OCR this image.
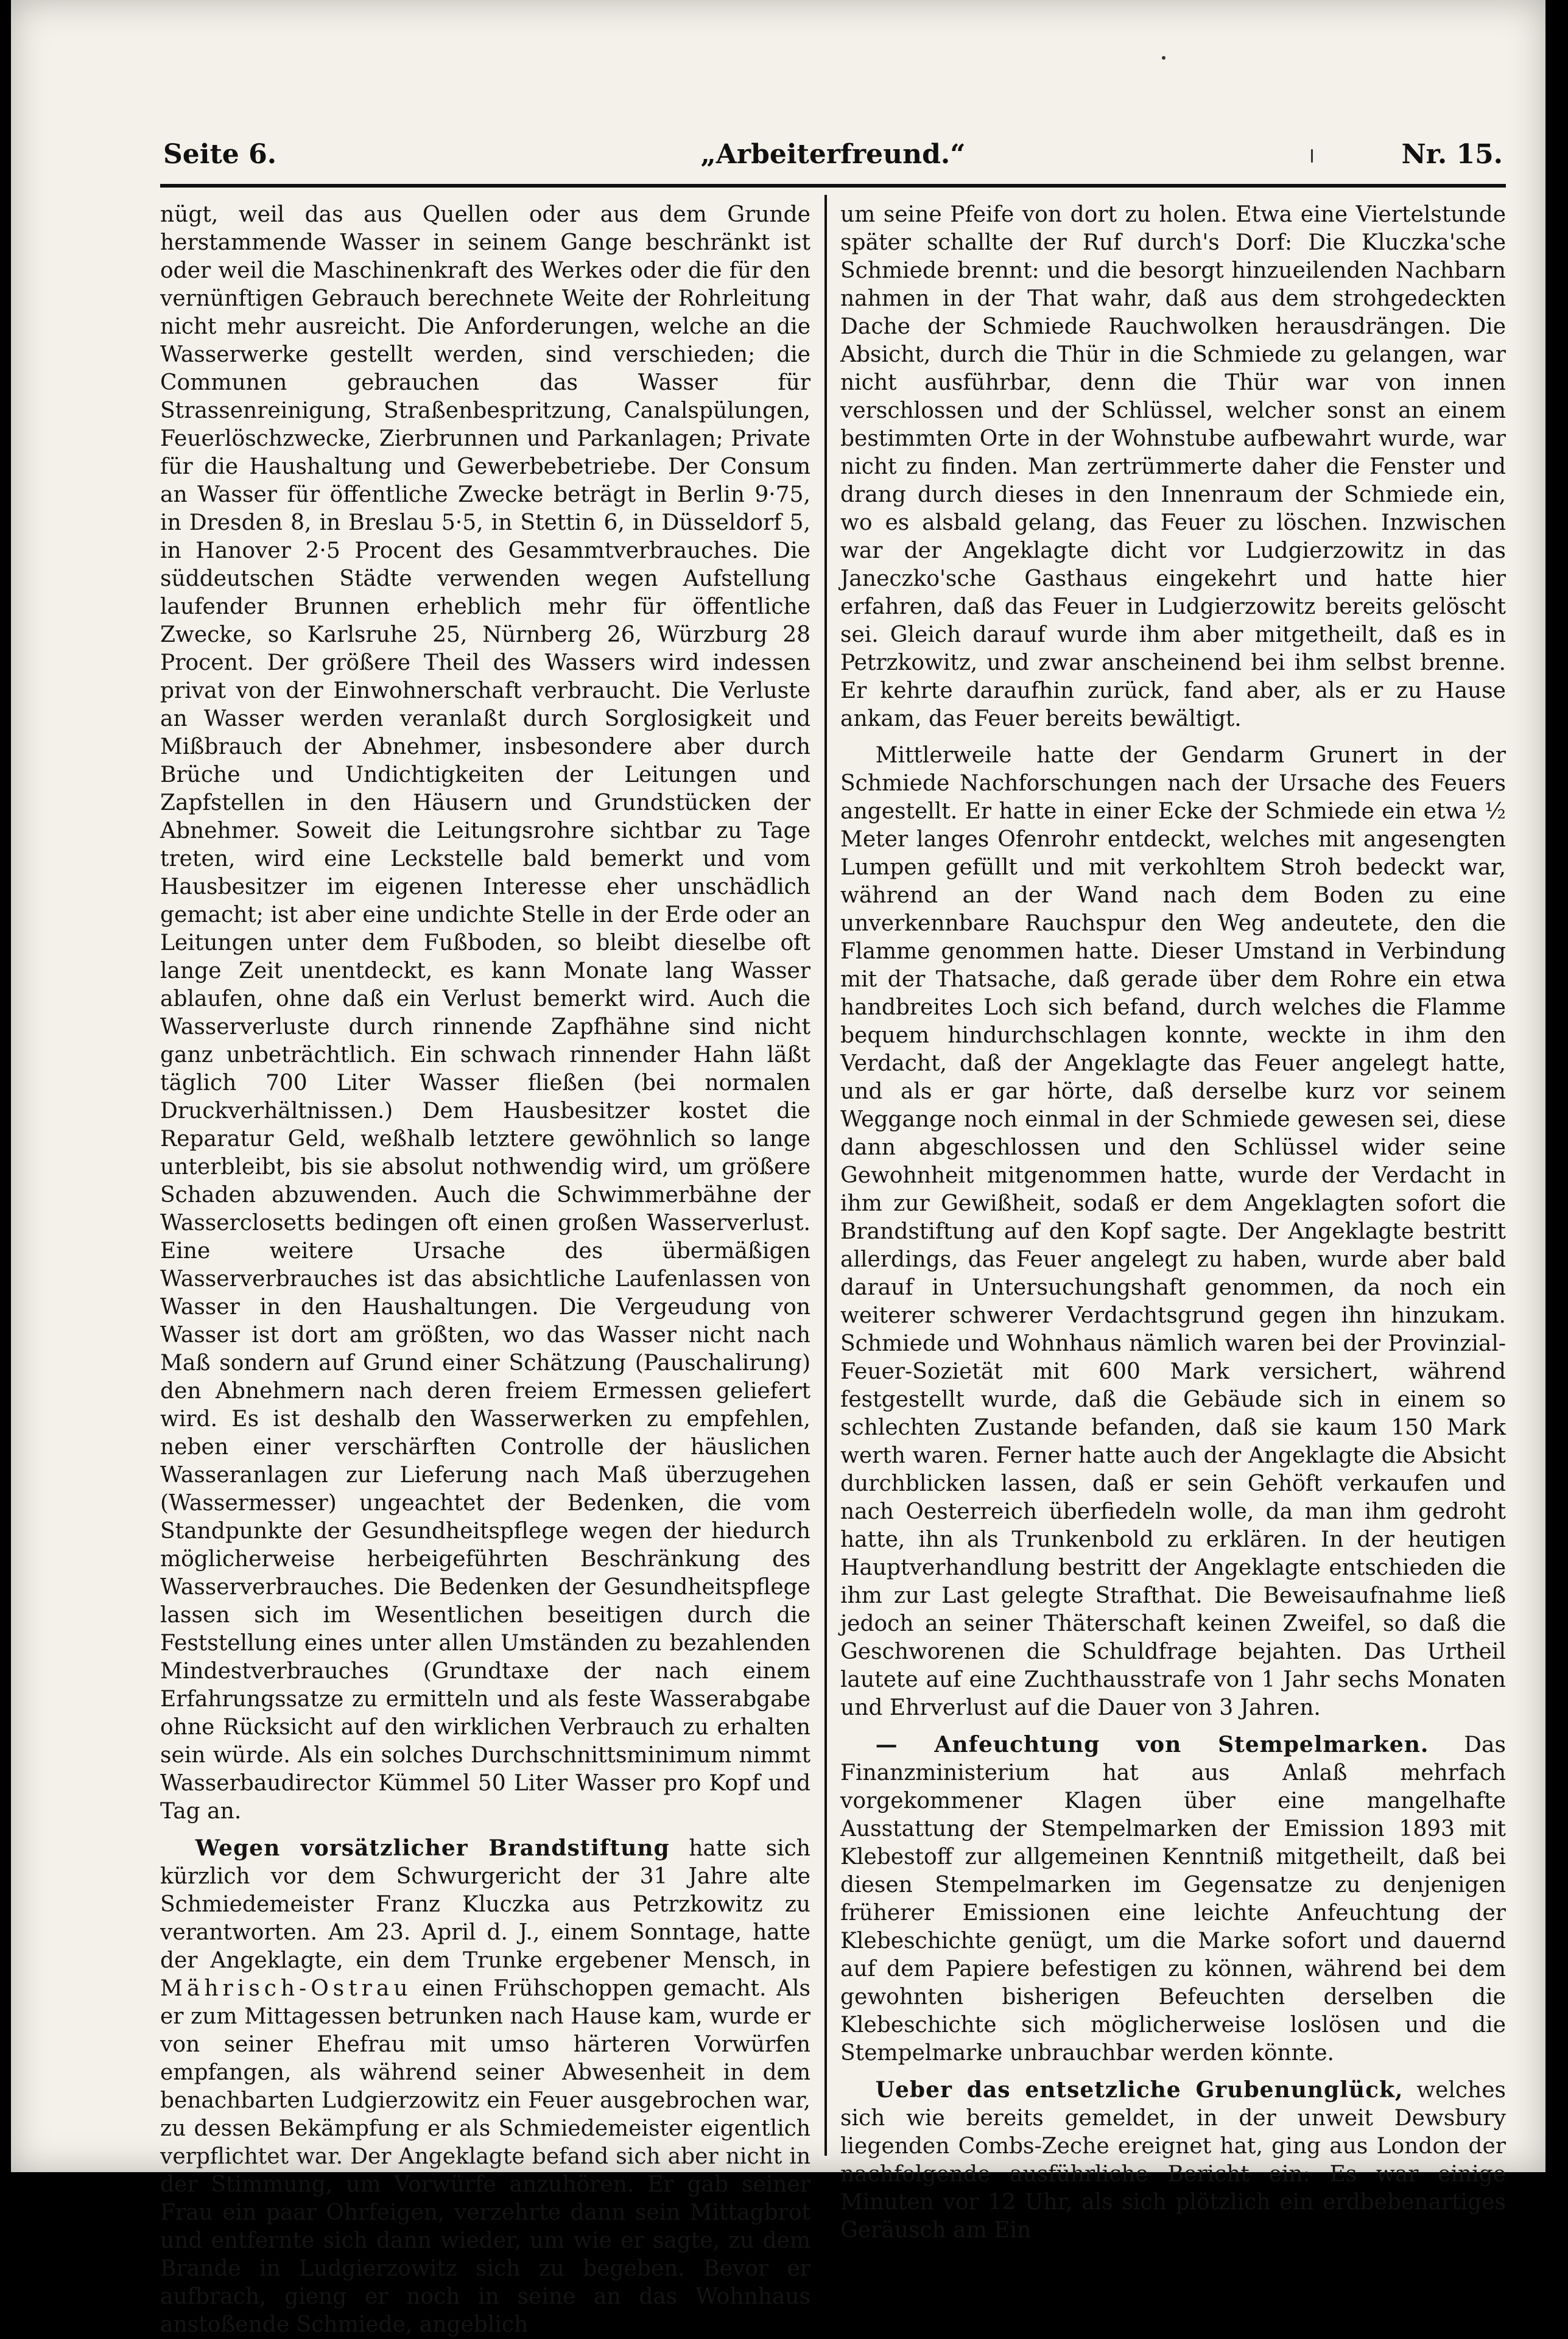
Seite 6.	„Arbeiterfreund.“	Nr. 15.

nügt, weil das aus Quellen oder aus dem Grunde herstammende Wasser in seinem Gange beschränkt ist oder weil die Maschinenkraft des Werkes oder die für den vernünftigen Gebrauch berechnete Weite der Rohrleitung nicht mehr ausreicht. Die Anforderungen, welche an die Wasserwerke gestellt werden, sind verschieden; die Communen gebrauchen das Wasser für Strassenreinigung, Straßenbespritzung, Canalspülungen, Feuerlöschzwecke, Zierbrunnen und Parkanlagen; Private für die Haushaltung und Gewerbebetriebe. Der Consum an Wasser für öffentliche Zwecke beträgt in Berlin 9·75, in Dresden 8, in Breslau 5·5, in Stettin 6, in Düsseldorf 5, in Hanover 2·5 Procent des Gesammtverbrauches. Die süddeutschen Städte verwenden wegen Aufstellung laufender Brunnen erheblich mehr für öffentliche Zwecke, so Karlsruhe 25, Nürnberg 26, Würzburg 28 Procent. Der größere Theil des Wassers wird indessen privat von der Einwohnerschaft verbraucht. Die Verluste an Wasser werden veranlaßt durch Sorglosigkeit und Mißbrauch der Abnehmer, insbesondere aber durch Brüche und Undichtigkeiten der Leitungen und Zapfstellen in den Häusern und Grundstücken der Abnehmer. Soweit die Leitungsrohre sichtbar zu Tage treten, wird eine Leckstelle bald bemerkt und vom Hausbesitzer im eigenen Interesse eher unschädlich gemacht; ist aber eine undichte Stelle in der Erde oder an Leitungen unter dem Fußboden, so bleibt dieselbe oft lange Zeit unentdeckt, es kann Monate lang Wasser ablaufen, ohne daß ein Verlust bemerkt wird. Auch die Wasserverluste durch rinnende Zapfhähne sind nicht ganz unbeträchtlich. Ein schwach rinnender Hahn läßt täglich 700 Liter Wasser fließen (bei normalen Druckverhältnissen.) Dem Hausbesitzer kostet die Reparatur Geld, weßhalb letztere gewöhnlich so lange unterbleibt, bis sie absolut nothwendig wird, um größere Schaden abzuwenden. Auch die Schwimmerbähne der Wasserclosetts bedingen oft einen großen Wasserverlust. Eine weitere Ursache des übermäßigen Wasserverbrauches ist das absichtliche Laufenlassen von Wasser in den Haushaltungen. Die Vergeudung von Wasser ist dort am größten, wo das Wasser nicht nach Maß sondern auf Grund einer Schätzung (Pauschalirung) den Abnehmern nach deren freiem Ermessen geliefert wird. Es ist deshalb den Wasserwerken zu empfehlen, neben einer verschärften Controlle der häuslichen Wasseranlagen zur Lieferung nach Maß überzugehen (Wassermesser) ungeachtet der Bedenken, die vom Standpunkte der Gesundheitspflege wegen der hiedurch möglicherweise herbeigeführten Beschränkung des Wasserverbrauches. Die Bedenken der Gesundheitspflege lassen sich im Wesentlichen beseitigen durch die Feststellung eines unter allen Umständen zu bezahlenden Mindestverbrauches (Grundtaxe der nach einem Erfahrungssatze zu ermitteln und als feste Wasserabgabe ohne Rücksicht auf den wirklichen Verbrauch zu erhalten sein würde. Als ein solches Durchschnittsminimum nimmt Wasserbaudirector Kümmel 50 Liter Wasser pro Kopf und Tag an.

Wegen vorsätzlicher Brandstiftung hatte sich kürzlich vor dem Schwurgericht der 31 Jahre alte Schmiedemeister Franz Kluczka aus Petrzkowitz zu verantworten. Am 23. April d. J., einem Sonntage, hatte der Angeklagte, ein dem Trunke ergebener Mensch, in Mährisch-Ostrau einen Frühschoppen gemacht. Als er zum Mittagessen betrunken nach Hause kam, wurde er von seiner Ehefrau mit umso härteren Vorwürfen empfangen, als während seiner Abwesenheit in dem benachbarten Ludgierzowitz ein Feuer ausgebrochen war, zu dessen Bekämpfung er als Schmiedemeister eigentlich verpflichtet war. Der Angeklagte befand sich aber nicht in der Stimmung, um Vorwürfe anzuhören. Er gab seiner Frau ein paar Ohrfeigen, verzehrte dann sein Mittagbrot und entfernte sich dann wieder, um wie er sagte, zu dem Brande in Ludgierzowitz sich zu begeben. Bevor er aufbrach, gieng er noch in seine an das Wohnhaus anstoßende Schmiede, angeblich

um seine Pfeife von dort zu holen. Etwa eine Viertelstunde später schallte der Ruf durch's Dorf: Die Kluczka'sche Schmiede brennt: und die besorgt hinzueilenden Nachbarn nahmen in der That wahr, daß aus dem strohgedeckten Dache der Schmiede Rauchwolken herausdrängen. Die Absicht, durch die Thür in die Schmiede zu gelangen, war nicht ausführbar, denn die Thür war von innen verschlossen und der Schlüssel, welcher sonst an einem bestimmten Orte in der Wohnstube aufbewahrt wurde, war nicht zu finden. Man zertrümmerte daher die Fenster und drang durch dieses in den Innenraum der Schmiede ein, wo es alsbald gelang, das Feuer zu löschen. Inzwischen war der Angeklagte dicht vor Ludgierzowitz in das Janeczko'sche Gasthaus eingekehrt und hatte hier erfahren, daß das Feuer in Ludgierzowitz bereits gelöscht sei. Gleich darauf wurde ihm aber mitgetheilt, daß es in Petrzkowitz, und zwar anscheinend bei ihm selbst brenne. Er kehrte daraufhin zurück, fand aber, als er zu Hause ankam, das Feuer bereits bewältigt.

Mittlerweile hatte der Gendarm Grunert in der Schmiede Nachforschungen nach der Ursache des Feuers angestellt. Er hatte in einer Ecke der Schmiede ein etwa ½ Meter langes Ofenrohr entdeckt, welches mit angesengten Lumpen gefüllt und mit verkohltem Stroh bedeckt war, während an der Wand nach dem Boden zu eine unverkennbare Rauchspur den Weg andeutete, den die Flamme genommen hatte. Dieser Umstand in Verbindung mit der Thatsache, daß gerade über dem Rohre ein etwa handbreites Loch sich befand, durch welches die Flamme bequem hindurchschlagen konnte, weckte in ihm den Verdacht, daß der Angeklagte das Feuer angelegt hatte, und als er gar hörte, daß derselbe kurz vor seinem Weggange noch einmal in der Schmiede gewesen sei, diese dann abgeschlossen und den Schlüssel wider seine Gewohnheit mitgenommen hatte, wurde der Verdacht in ihm zur Gewißheit, sodaß er dem Angeklagten sofort die Brandstiftung auf den Kopf sagte. Der Angeklagte bestritt allerdings, das Feuer angelegt zu haben, wurde aber bald darauf in Untersuchungshaft genommen, da noch ein weiterer schwerer Verdachtsgrund gegen ihn hinzukam. Schmiede und Wohnhaus nämlich waren bei der Provinzial-Feuer-Sozietät mit 600 Mark versichert, während festgestellt wurde, daß die Gebäude sich in einem so schlechten Zustande befanden, daß sie kaum 150 Mark werth waren. Ferner hatte auch der Angeklagte die Absicht durchblicken lassen, daß er sein Gehöft verkaufen und nach Oesterreich überfiedeln wolle, da man ihm gedroht hatte, ihn als Trunkenbold zu erklären. In der heutigen Hauptverhandlung bestritt der Angeklagte entschieden die ihm zur Last gelegte Strafthat. Die Beweisaufnahme ließ jedoch an seiner Thäterschaft keinen Zweifel, so daß die Geschworenen die Schuldfrage bejahten. Das Urtheil lautete auf eine Zuchthausstrafe von 1 Jahr sechs Monaten und Ehrverlust auf die Dauer von 3 Jahren.

— Anfeuchtung von Stempelmarken. Das Finanzministerium hat aus Anlaß mehrfach vorgekommener Klagen über eine mangelhafte Ausstattung der Stempelmarken der Emission 1893 mit Klebestoff zur allgemeinen Kenntniß mitgetheilt, daß bei diesen Stempelmarken im Gegensatze zu denjenigen früherer Emissionen eine leichte Anfeuchtung der Klebeschichte genügt, um die Marke sofort und dauernd auf dem Papiere befestigen zu können, während bei dem gewohnten bisherigen Befeuchten derselben die Klebeschichte sich möglicherweise loslösen und die Stempelmarke unbrauchbar werden könnte.

Ueber das entsetzliche Grubenunglück, welches sich wie bereits gemeldet, in der unweit Dewsbury liegenden Combs-Zeche ereignet hat, ging aus London der nachfolgende ausführliche Bericht ein: Es war einige Minuten vor 12 Uhr, als sich plötzlich ein erdbebenartiges Geräusch am Ein
